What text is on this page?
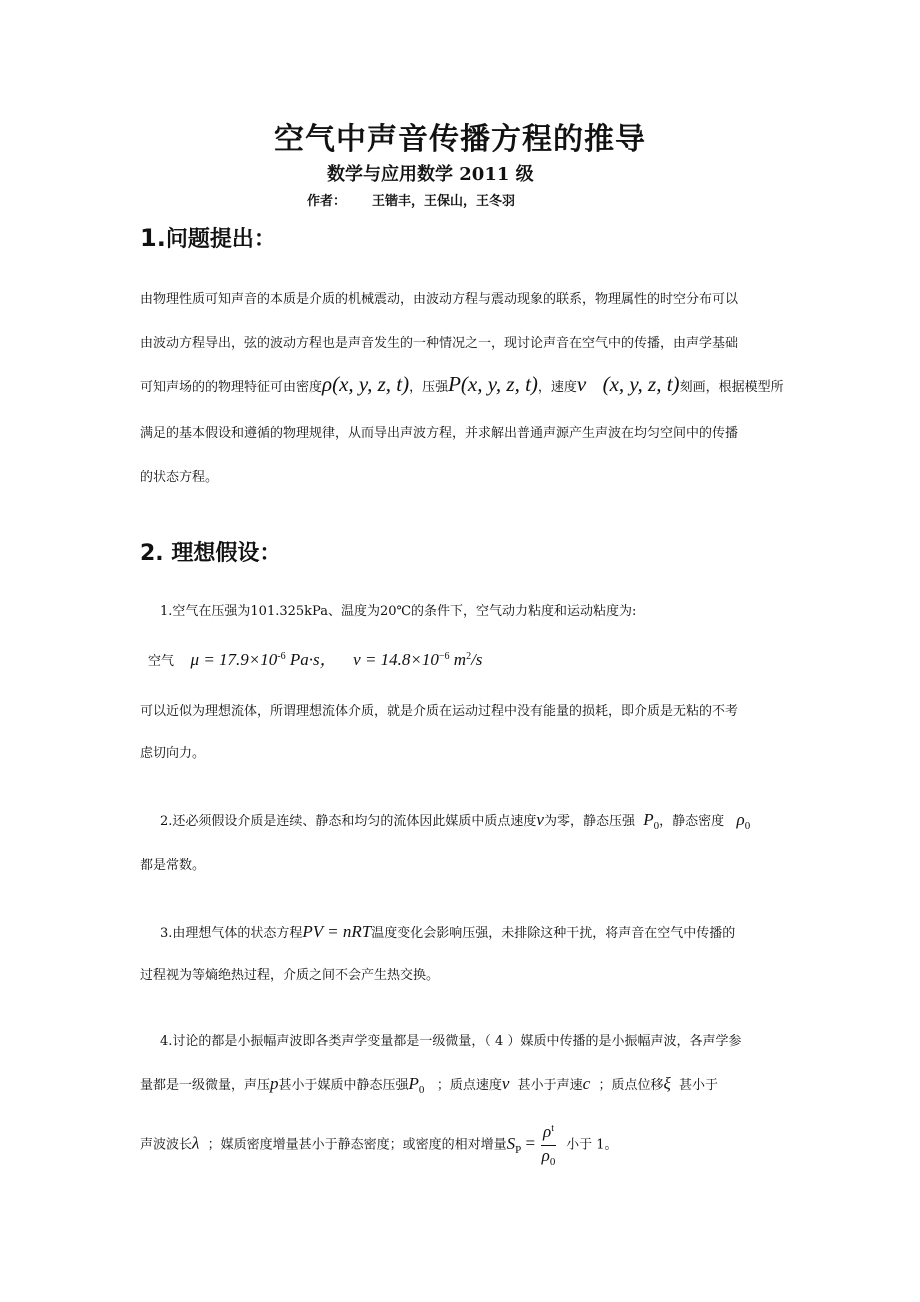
空气中声音传播方程的推导
数学与应用数学 2011 级
作者： 王锴丰，王保山，王冬羽
1.问题提出：
由物理性质可知声音的本质是介质的机械震动，由波动方程与震动现象的联系，物理属性的时空分布可以
由波动方程导出，弦的波动方程也是声音发生的一种情况之一，现讨论声音在空气中的传播，由声学基础
可知声场的的物理特征可由密度ρ(x, y, z, t)，压强P(x, y, z, t)，速度v⃗(x, y, z, t)刻画，根据模型所
满足的基本假设和遵循的物理规律，从而导出声波方程，并求解出普通声源产生声波在均匀空间中的传播
的状态方程。
2. 理想假设：
1.空气在压强为101.325kPa、温度为20℃的条件下，空气动力粘度和运动粘度为:
空气 $\mu = 17.9\times 10^{-6}$ Pa·s， $\nu = 14.8\times 10^{-6}$ $m^2/s$
可以近似为理想流体，所谓理想流体介质，就是介质在运动过程中没有能量的损耗，即介质是无粘的不考
虑切向力。
2.还必须假设介质是连续、静态和均匀的流体因此媒质中质点速度v为零，静态压强 $P_0$，静态密度 $\rho_0$
都是常数。
3.由理想气体的状态方程PV = nRT温度变化会影响压强，未排除这种干扰，将声音在空气中传播的
过程视为等熵绝热过程，介质之间不会产生热交换。
4.讨论的都是小振幅声波即各类声学变量都是一级微量，（ 4 ）媒质中传播的是小振幅声波，各声学参
量都是一级微量，声压p甚小于媒质中静态压强$P_0$ ；质点速度v 甚小于声速c ；质点位移ξ 甚小于
声波波长λ ；媒质密度增量甚小于静态密度；或密度的相对增量$S_P = \frac{\rho^t}{\rho_0}$ 小于 1。
